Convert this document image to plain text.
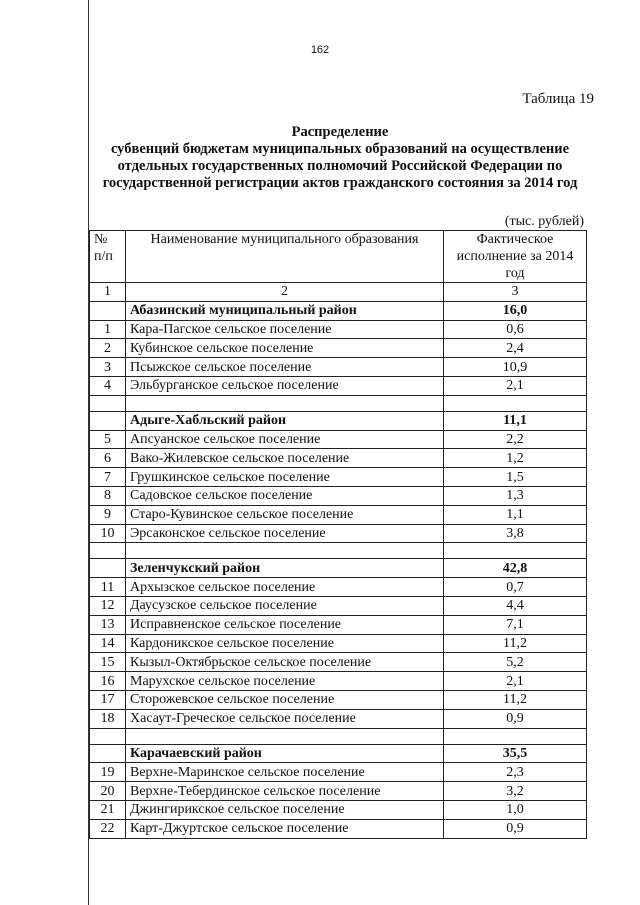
162
Таблица 19
Распределение
субвенций бюджетам муниципальных образований на осуществление
отдельных государственных полномочий Российской Федерации по
государственной регистрации актов гражданского состояния за 2014 год
(тыс. рублей)
№ п/п	Наименование муниципального образования	Фактическое исполнение за 2014 год
1	2	3
	Абазинский муниципальный район	16,0
1	Кара-Пагское сельское поселение	0,6
2	Кубинское сельское поселение	2,4
3	Псыжское сельское поселение	10,9
4	Эльбурганское сельское поселение	2,1

	Адыге-Хабльский район	11,1
5	Апсуанское сельское поселение	2,2
6	Вако-Жилевское сельское поселение	1,2
7	Грушкинское сельское поселение	1,5
8	Садовское сельское поселение	1,3
9	Старо-Кувинское сельское поселение	1,1
10	Эрсаконское сельское поселение	3,8

	Зеленчукский район	42,8
11	Архызское сельское поселение	0,7
12	Даусузское сельское поселение	4,4
13	Исправненское сельское поселение	7,1
14	Кардоникское сельское поселение	11,2
15	Кызыл-Октябрьское сельское поселение	5,2
16	Марухское сельское поселение	2,1
17	Сторожевское сельское поселение	11,2
18	Хасаут-Греческое сельское поселение	0,9

	Карачаевский район	35,5
19	Верхне-Маринское сельское поселение	2,3
20	Верхне-Тебердинское сельское поселение	3,2
21	Джингирикское сельское поселение	1,0
22	Карт-Джуртское сельское поселение	0,9
